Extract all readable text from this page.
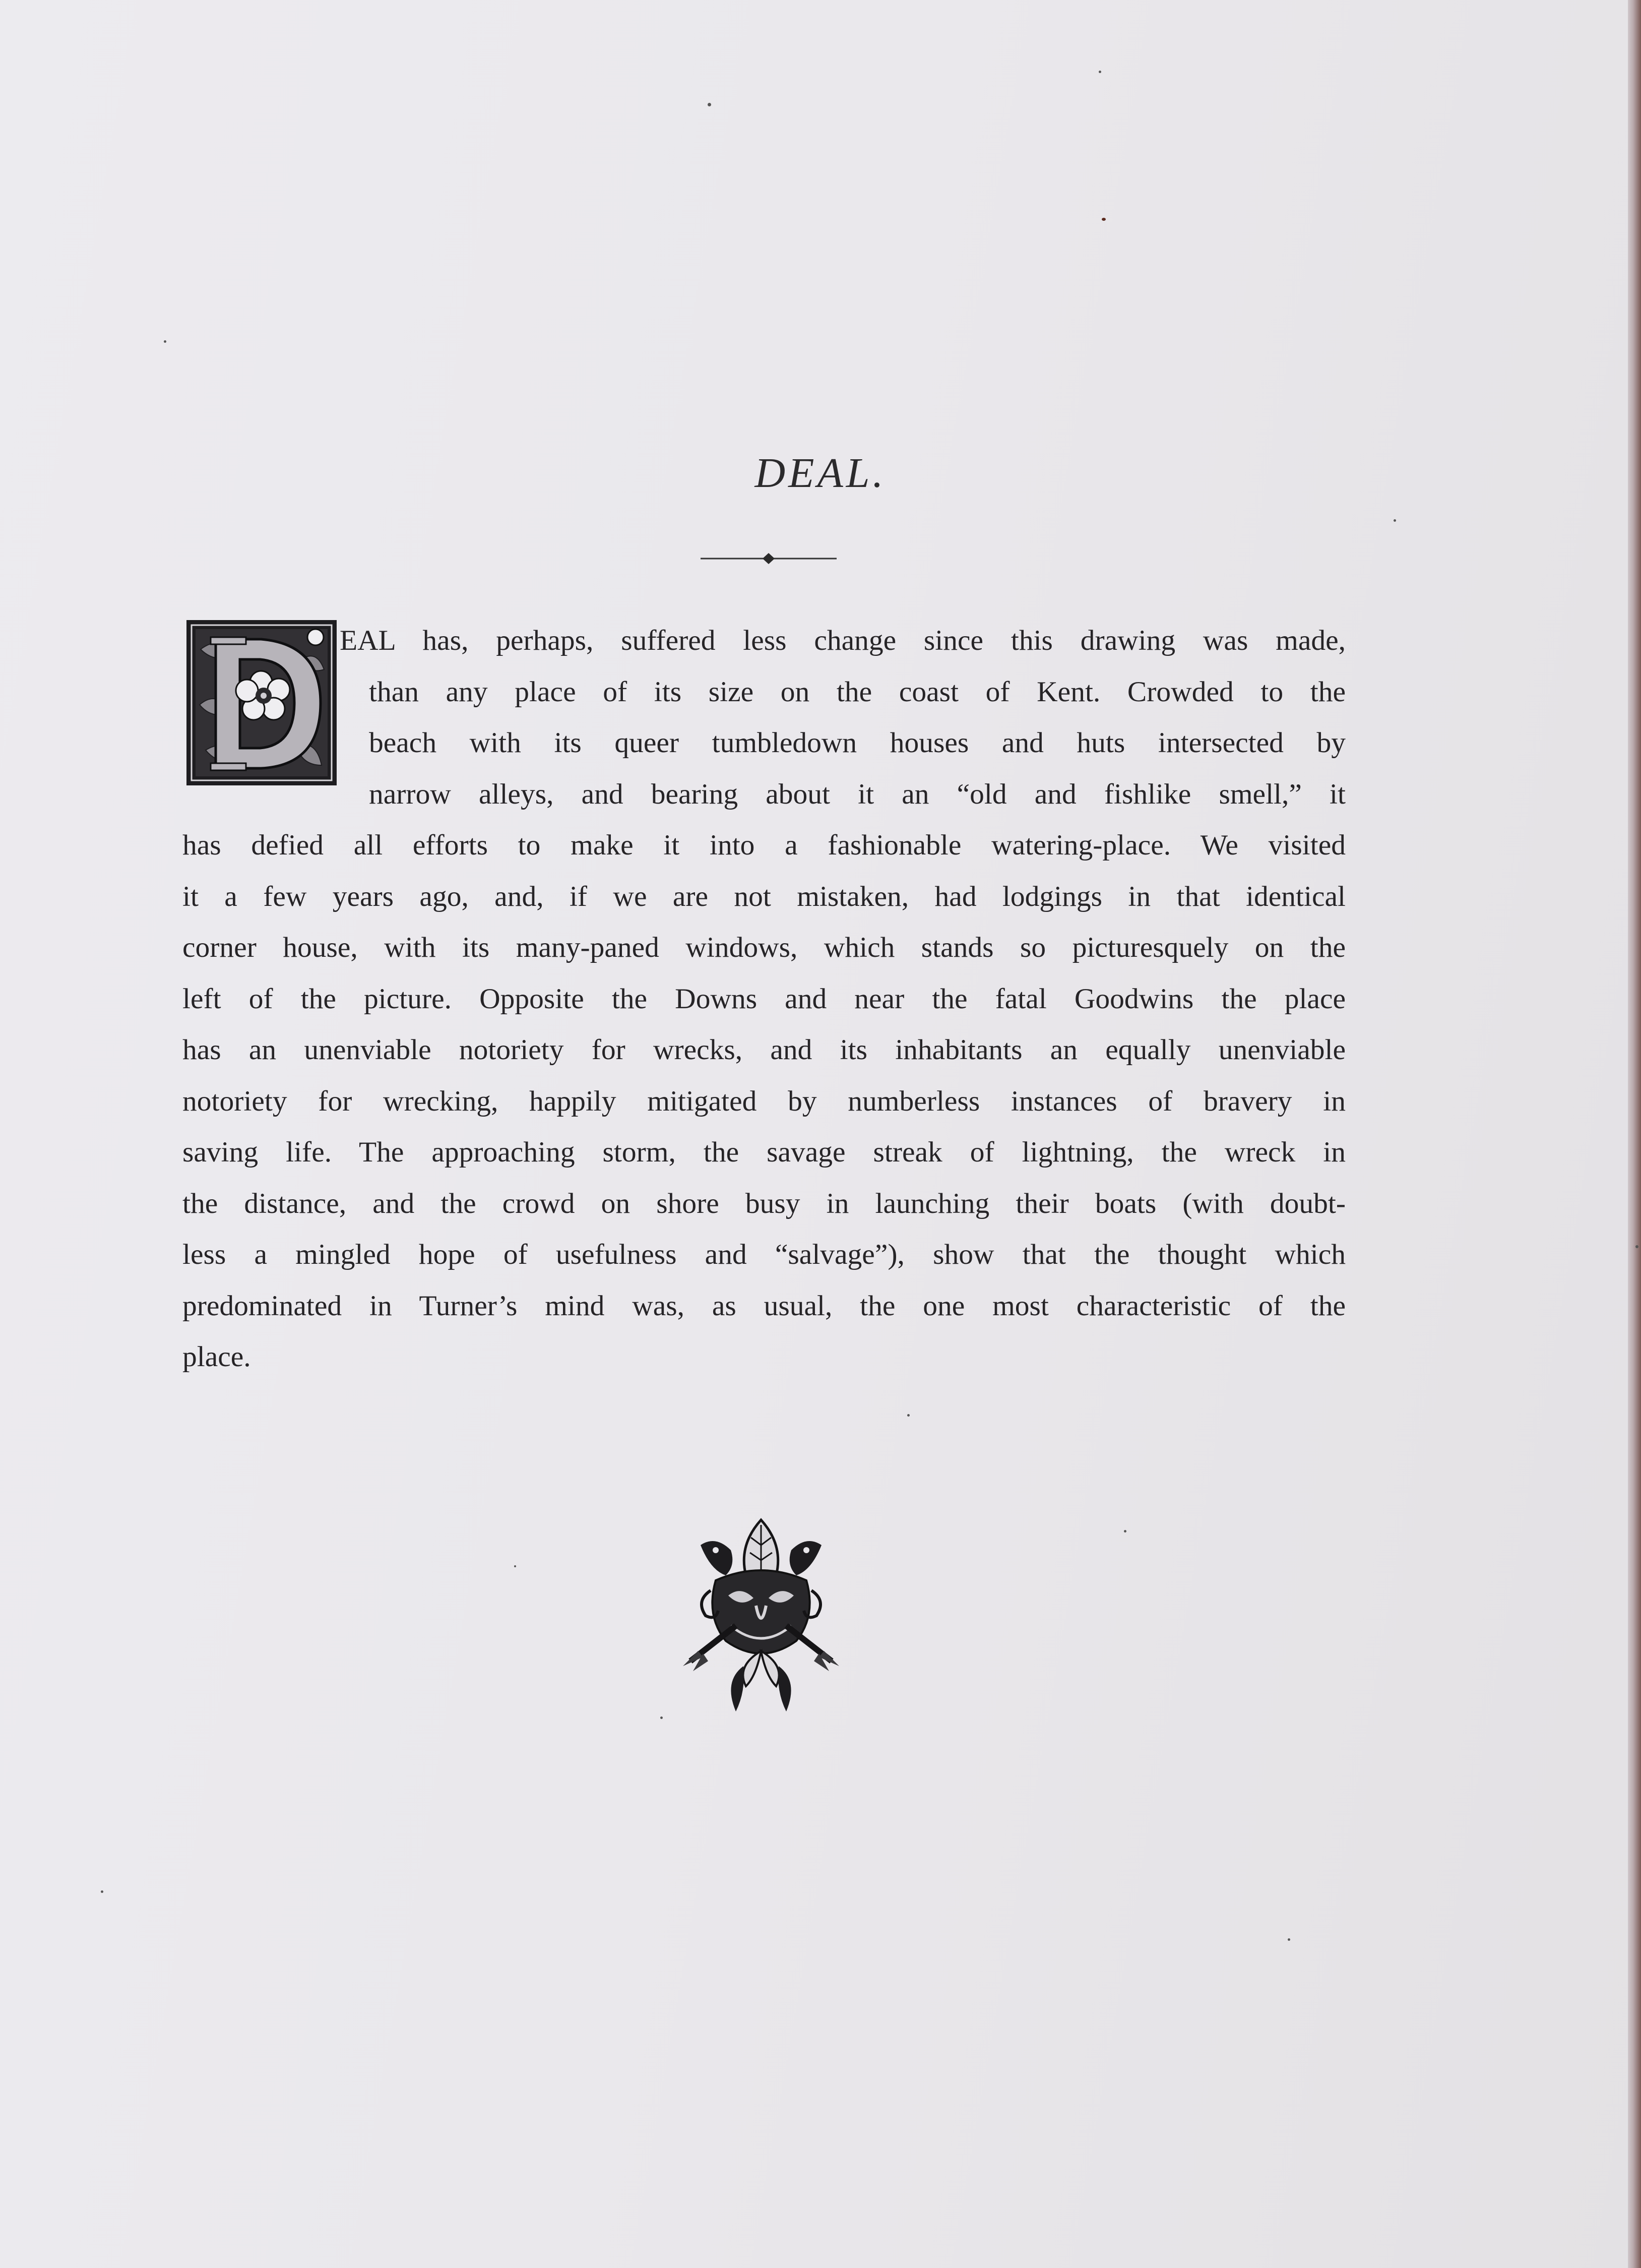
DEAL.
EAL has, perhaps, suffered less change since this drawing was made,
than any place of its size on the coast of Kent. Crowded to the
beach with its queer tumbledown houses and huts intersected by
narrow alleys, and bearing about it an “old and fishlike smell,” it
has defied all efforts to make it into a fashionable watering-place. We visited
it a few years ago, and, if we are not mistaken, had lodgings in that identical
corner house, with its many-paned windows, which stands so picturesquely on the
left of the picture. Opposite the Downs and near the fatal Goodwins the place
has an unenviable notoriety for wrecks, and its inhabitants an equally unenviable
notoriety for wrecking, happily mitigated by numberless instances of bravery in
saving life. The approaching storm, the savage streak of lightning, the wreck in
the distance, and the crowd on shore busy in launching their boats (with doubt-
less a mingled hope of usefulness and “salvage”), show that the thought which
predominated in Turner’s mind was, as usual, the one most characteristic of the
place.
